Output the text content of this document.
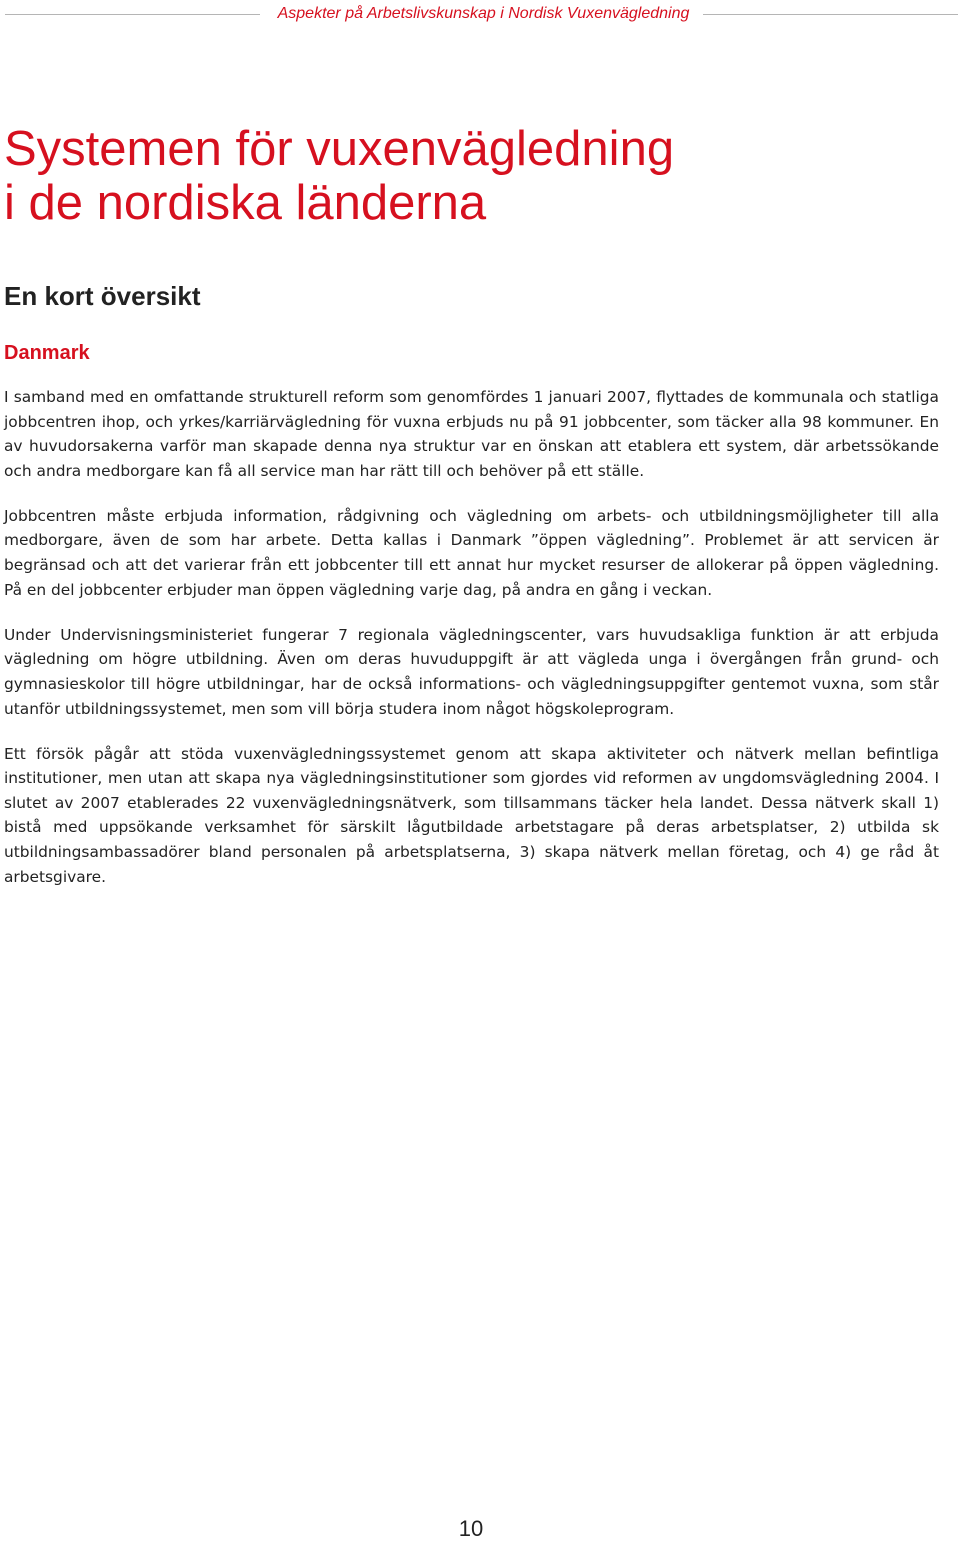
Aspekter på Arbetslivskunskap i Nordisk Vuxenvägledning
Systemen för vuxenvägledning
i de nordiska länderna
En kort översikt
Danmark

I samband med en omfattande strukturell reform som genomfördes 1 januari 2007, flyttades de kommunala och statliga jobbcentren ihop, och yrkes/karriärvägledning för vuxna erbjuds nu på 91 jobbcenter, som täcker alla 98 kommuner. En av huvudorsakerna varför man skapade denna nya struktur var en önskan att etablera ett system, där arbetssökande och andra medborgare kan få all service man har rätt till och behöver på ett ställe.

Jobbcentren måste erbjuda information, rådgivning och vägledning om arbets- och utbildningsmöjligheter till alla medborgare, även de som har arbete. Detta kallas i Danmark ”öppen vägledning”. Problemet är att servicen är begränsad och att det varierar från ett jobbcenter till ett annat hur mycket resurser de allokerar på öppen vägledning. På en del jobbcenter erbjuder man öppen vägledning varje dag, på andra en gång i veckan.

Under Undervisningsministeriet fungerar 7 regionala vägledningscenter, vars huvudsakliga funktion är att erbjuda vägledning om högre utbildning. Även om deras huvuduppgift är att vägleda unga i övergången från grund- och gymnasieskolor till högre utbildningar, har de också informations- och vägledningsuppgifter gentemot vuxna, som står utanför utbildningssystemet, men som vill börja studera inom något högskoleprogram.

Ett försök pågår att stöda vuxenvägledningssystemet genom att skapa aktiviteter och nätverk mellan befintliga institutioner, men utan att skapa nya vägledningsinstitutioner som gjordes vid reformen av ungdomsvägledning 2004. I slutet av 2007 etablerades 22 vuxenvägledningsnätverk, som tillsammans täcker hela landet. Dessa nätverk skall 1) bistå med uppsökande verksamhet för särskilt lågutbildade arbetstagare på deras arbetsplatser, 2) utbilda sk utbildningsambassadörer bland personalen på arbetsplatserna, 3) skapa nätverk mellan företag, och 4) ge råd åt arbetsgivare.

10
